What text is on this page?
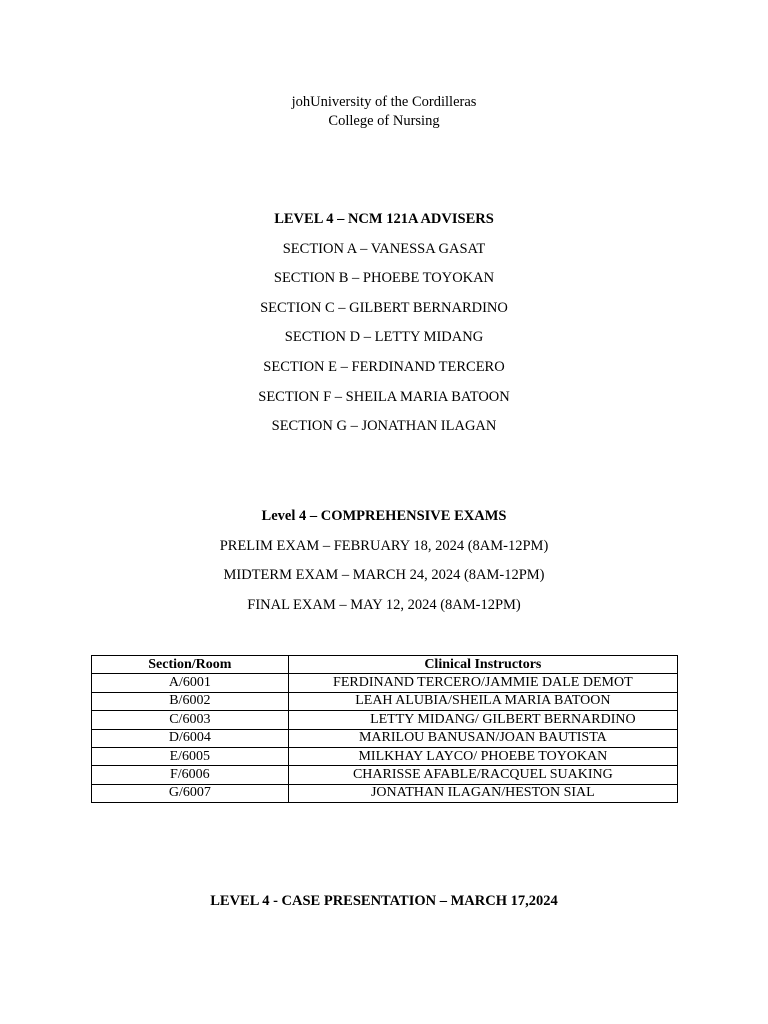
johUniversity of the Cordilleras
College of Nursing
LEVEL 4 – NCM 121A ADVISERS
SECTION A – VANESSA GASAT
SECTION B – PHOEBE TOYOKAN
SECTION C – GILBERT BERNARDINO
SECTION D – LETTY MIDANG
SECTION E – FERDINAND TERCERO
SECTION F – SHEILA MARIA BATOON
SECTION G – JONATHAN ILAGAN
Level 4 – COMPREHENSIVE EXAMS
PRELIM EXAM – FEBRUARY 18, 2024 (8AM-12PM)
MIDTERM EXAM – MARCH 24, 2024 (8AM-12PM)
FINAL EXAM – MAY 12, 2024 (8AM-12PM)
Section/Room	Clinical Instructors
A/6001	FERDINAND TERCERO/JAMMIE DALE DEMOT
B/6002	LEAH ALUBIA/SHEILA MARIA BATOON
C/6003	LETTY MIDANG/ GILBERT BERNARDINO
D/6004	MARILOU BANUSAN/JOAN BAUTISTA
E/6005	MILKHAY LAYCO/ PHOEBE TOYOKAN
F/6006	CHARISSE AFABLE/RACQUEL SUAKING
G/6007	JONATHAN ILAGAN/HESTON SIAL
LEVEL 4 - CASE PRESENTATION – MARCH 17,2024
